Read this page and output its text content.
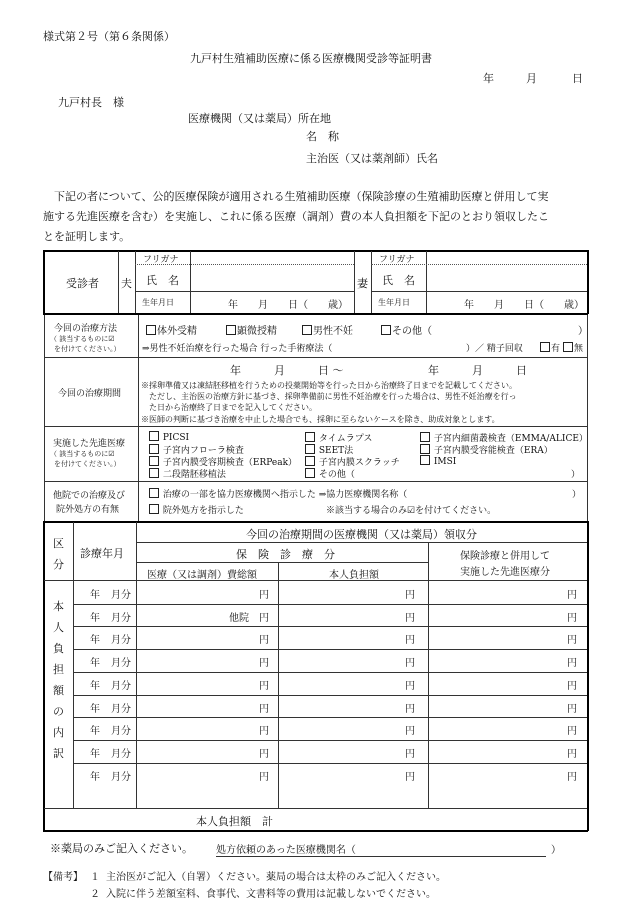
様式第２号（第６条関係）
九戸村生殖補助医療に係る医療機関受診等証明書
年	月	日
九戸村長　様
医療機関（又は薬局）所在地
名　称
主治医（又は薬剤師）氏名
下記の者について、公的医療保険が適用される生殖補助医療（保険診療の生殖補助医療と併用して実
施する先進医療を含む）を実施し、これに係る医療（調剤）費の本人負担額を下記のとおり領収したこ
とを証明します。
受診者 夫	妻
フリガナ
氏　名
生年月日	年　　月　　日（　　歳）
フリガナ
氏　名
生年月日	年　　月　　日（　　歳）
今回の治療方法
（ 該当するものに☑
を付けてください。）
体外受精	顕微授精	男性不妊	その他（	）
⇒男性不妊治療を行った場合 行った手術療法（	）／ 精子回収	有	無
今回の治療期間
年　　　月　　　日 〜	年　　　月　　　日
※採卵準備又は凍結胚移植を行うための投薬開始等を行った日から治療終了日までを記載してください。
ただし、主治医の治療方針に基づき、採卵準備前に男性不妊治療を行った場合は、男性不妊治療を行っ
た日から治療終了日までを記入してください。
※医師の判断に基づき治療を中止した場合でも、採卵に至らないケースを除き、助成対象とします。
実施した先進医療
（ 該当するものに☑
を付けてください。）
PICSI	タイムラプス	子宮内細菌叢検査（EMMA/ALICE）
子宮内フローラ検査	SEET法	子宮内膜受容能検査（ERA）
子宮内膜受容期検査（ERPeak）	子宮内膜スクラッチ	IMSI
二段階胚移植法	その他（	）
他院での治療及び
院外処方の有無
治療の一部を協力医療機関へ指示した ⇒協力医療機関名称（	）
院外処方を指示した	※該当する場合のみ☑を付けてください。
区
分
診療年月
今回の治療期間の医療機関（又は薬局）領収分
保　険　診　療　分
医療（又は調剤）費総額	本人負担額
保険診療と併用して
実施した先進医療分
本
人
負
担
額
の
内
訳
年 月分	円	円	円
年 月分	他院 円	円	円
年 月分	円	円	円
年 月分	円	円	円
年 月分	円	円	円
年 月分	円	円	円
年 月分	円	円	円
年 月分	円	円	円
年 月分	円	円	円
本人負担額　計
※薬局のみご記入ください。 処方依頼のあった医療機関名（	）
【備考】 １ 主治医がご記入（自署）ください。薬局の場合は太枠のみご記入ください。
２ 入院に伴う差額室料、食事代、文書料等の費用は記載しないでください。
